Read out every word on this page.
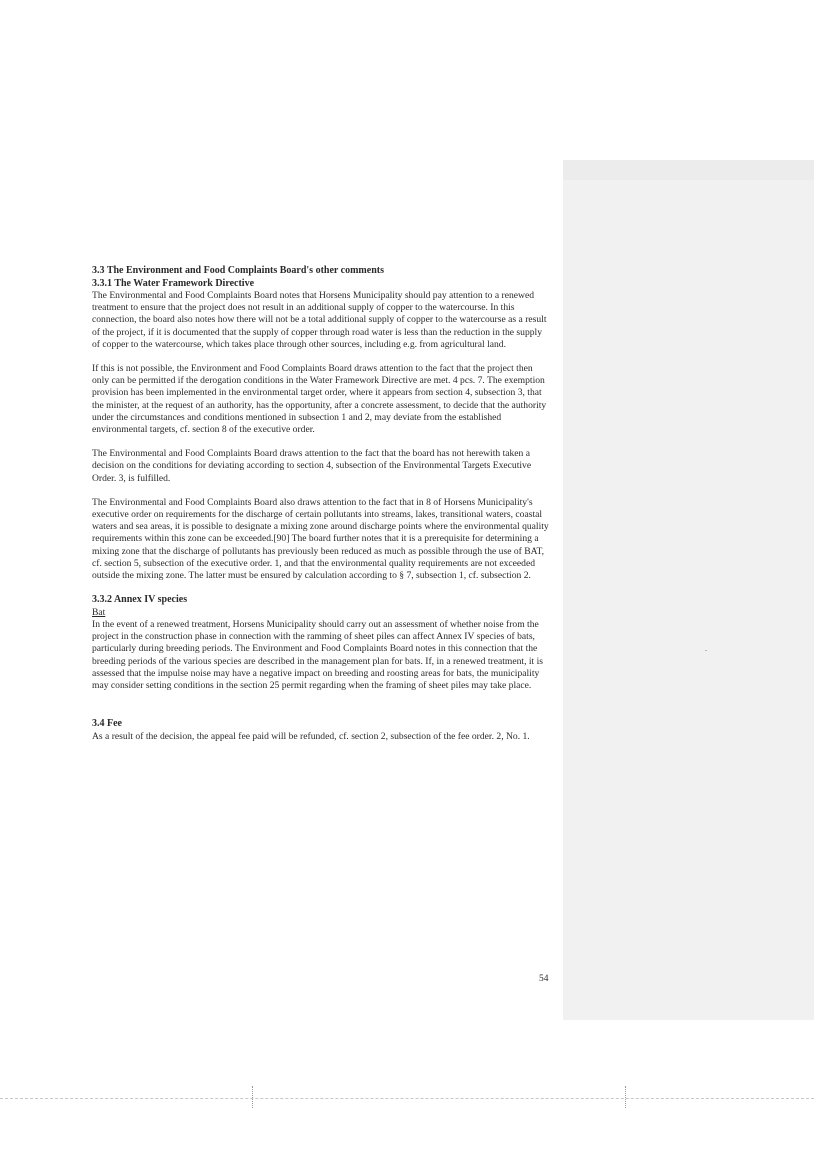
3.3 The Environment and Food Complaints Board's other comments
3.3.1 The Water Framework Directive

The Environmental and Food Complaints Board notes that Horsens Municipality should pay attention to a renewed treatment to ensure that the project does not result in an additional supply of copper to the watercourse. In this connection, the board also notes how there will not be a total additional supply of copper to the watercourse as a result of the project, if it is documented that the supply of copper through road water is less than the reduction in the supply of copper to the watercourse, which takes place through other sources, including e.g. from agricultural land.

If this is not possible, the Environment and Food Complaints Board draws attention to the fact that the project then only can be permitted if the derogation conditions in the Water Framework Directive are met. 4 pcs. 7. The exemption provision has been implemented in the environmental target order, where it appears from section 4, subsection 3, that the minister, at the request of an authority, has the opportunity, after a concrete assessment, to decide that the authority under the circumstances and conditions mentioned in subsection 1 and 2, may deviate from the established environmental targets, cf. section 8 of the executive order.

The Environmental and Food Complaints Board draws attention to the fact that the board has not herewith taken a decision on the conditions for deviating according to section 4, subsection of the Environmental Targets Executive Order. 3, is fulfilled.

The Environmental and Food Complaints Board also draws attention to the fact that in 8 of Horsens Municipality's executive order on requirements for the discharge of certain pollutants into streams, lakes, transitional waters, coastal waters and sea areas, it is possible to designate a mixing zone around discharge points where the environmental quality requirements within this zone can be exceeded.[90] The board further notes that it is a prerequisite for determining a mixing zone that the discharge of pollutants has previously been reduced as much as possible through the use of BAT, cf. section 5, subsection of the executive order. 1, and that the environmental quality requirements are not exceeded outside the mixing zone. The latter must be ensured by calculation according to § 7, subsection 1, cf. subsection 2.

3.3.2 Annex IV species

Bat

In the event of a renewed treatment, Horsens Municipality should carry out an assessment of whether noise from the project in the construction phase in connection with the ramming of sheet piles can affect Annex IV species of bats, particularly during breeding periods. The Environment and Food Complaints Board notes in this connection that the breeding periods of the various species are described in the management plan for bats. If, in a renewed treatment, it is assessed that the impulse noise may have a negative impact on breeding and roosting areas for bats, the municipality may consider setting conditions in the section 25 permit regarding when the framing of sheet piles may take place.

3.4 Fee

As a result of the decision, the appeal fee paid will be refunded, cf. section 2, subsection of the fee order. 2, No. 1.

54
